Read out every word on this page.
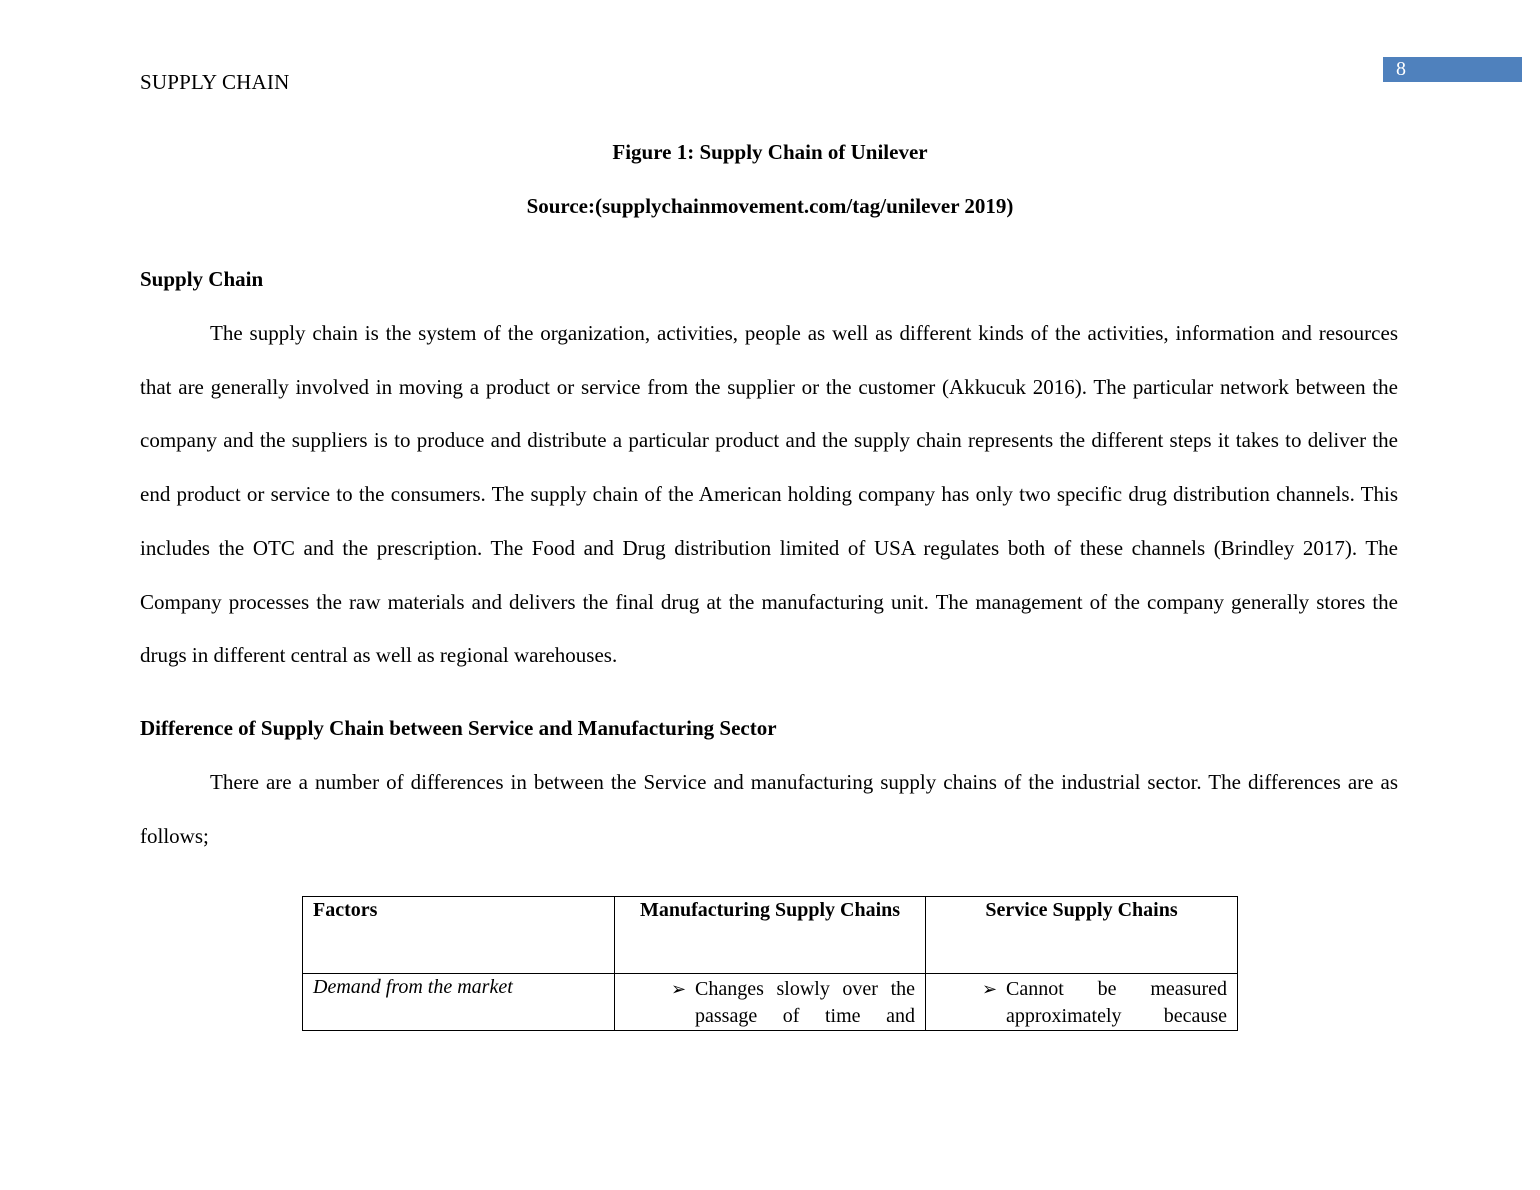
SUPPLY CHAIN
8
Figure 1: Supply Chain of Unilever
Source:(supplychainmovement.com/tag/unilever 2019)
Supply Chain

The supply chain is the system of the organization, activities, people as well as different kinds of the activities, information and resources that are generally involved in moving a product or service from the supplier or the customer (Akkucuk 2016). The particular network between the company and the suppliers is to produce and distribute a particular product and the supply chain represents the different steps it takes to deliver the end product or service to the consumers. The supply chain of the American holding company has only two specific drug distribution channels. This includes the OTC and the prescription. The Food and Drug distribution limited of USA regulates both of these channels (Brindley 2017). The Company processes the raw materials and delivers the final drug at the manufacturing unit. The management of the company generally stores the drugs in different central as well as regional warehouses.

Difference of Supply Chain between Service and Manufacturing Sector

There are a number of differences in between the Service and manufacturing supply chains of the industrial sector. The differences are as follows;

Factors	Manufacturing Supply Chains	Service Supply Chains
Demand from the market	➢ Changes slowly over the passage of time and	➢ Cannot be measured approximately because
